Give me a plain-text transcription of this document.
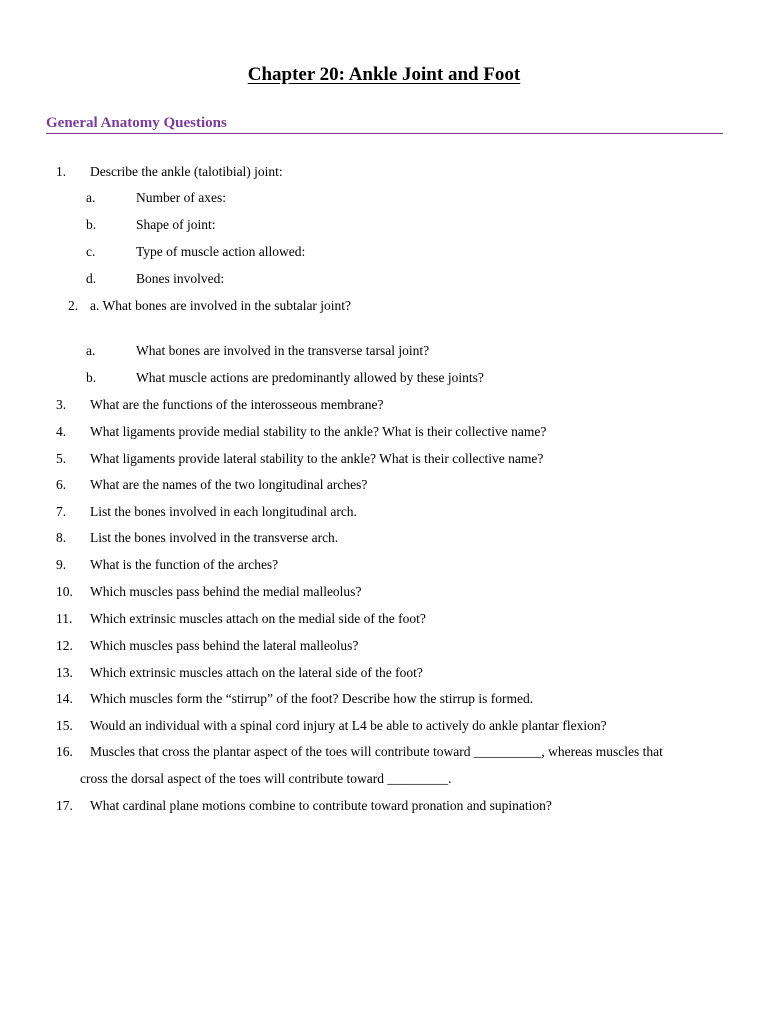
Chapter 20: Ankle Joint and Foot
General Anatomy Questions
1. Describe the ankle (talotibial) joint:
a.	Number of axes:
b.	Shape of joint:
c.	Type of muscle action allowed:
d.	Bones involved:
2. a. What bones are involved in the subtalar joint?
a.	What bones are involved in the transverse tarsal joint?
b.	What muscle actions are predominantly allowed by these joints?
3. What are the functions of the interosseous membrane?
4. What ligaments provide medial stability to the ankle? What is their collective name?
5. What ligaments provide lateral stability to the ankle? What is their collective name?
6. What are the names of the two longitudinal arches?
7. List the bones involved in each longitudinal arch.
8. List the bones involved in the transverse arch.
9. What is the function of the arches?
10. Which muscles pass behind the medial malleolus?
11. Which extrinsic muscles attach on the medial side of the foot?
12. Which muscles pass behind the lateral malleolus?
13. Which extrinsic muscles attach on the lateral side of the foot?
14. Which muscles form the “stirrup” of the foot? Describe how the stirrup is formed.
15. Would an individual with a spinal cord injury at L4 be able to actively do ankle plantar flexion?
16. Muscles that cross the plantar aspect of the toes will contribute toward __________, whereas muscles that
cross the dorsal aspect of the toes will contribute toward _________.
17. What cardinal plane motions combine to contribute toward pronation and supination?
